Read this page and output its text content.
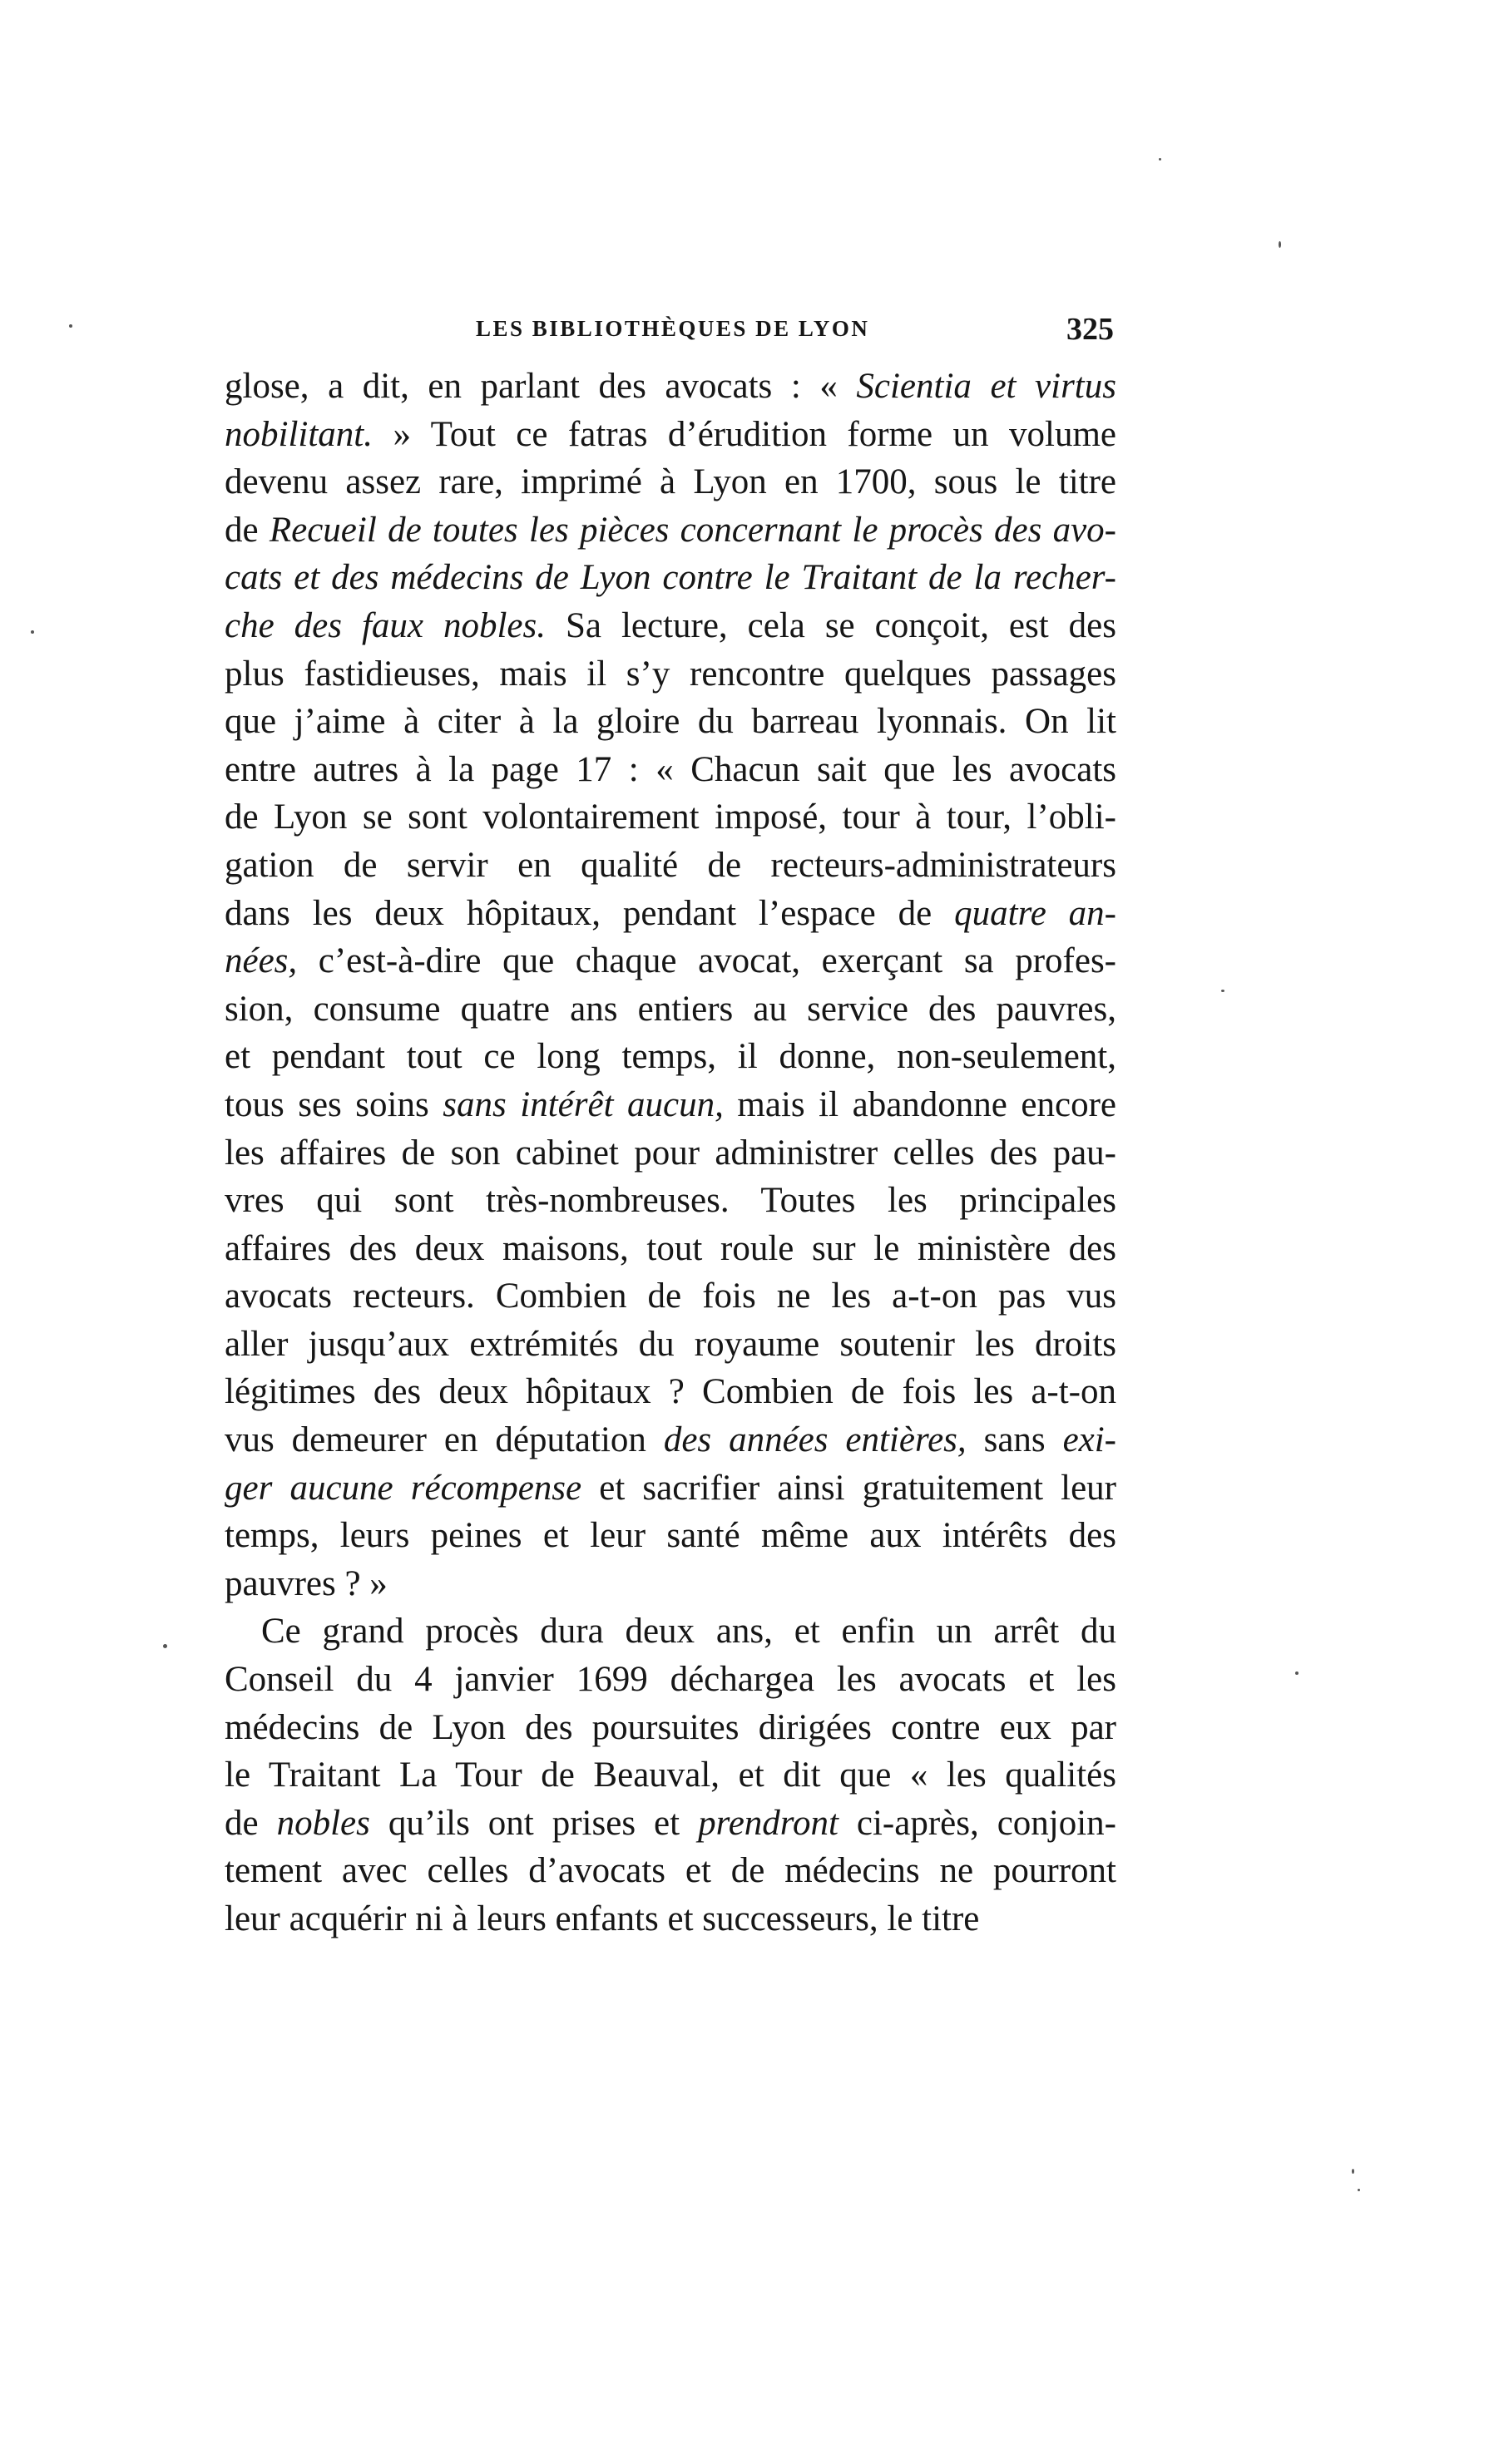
LES BIBLIOTHÈQUES DE LYON	325
glose, a dit, en parlant des avocats : « Scientia et virtus
nobilitant. » Tout ce fatras d’érudition forme un volume
devenu assez rare, imprimé à Lyon en 1700, sous le titre
de Recueil de toutes les pièces concernant le procès des avo-
cats et des médecins de Lyon contre le Traitant de la recher-
che des faux nobles. Sa lecture, cela se conçoit, est des
plus fastidieuses, mais il s’y rencontre quelques passages
que j’aime à citer à la gloire du barreau lyonnais. On lit
entre autres à la page 17 : « Chacun sait que les avocats
de Lyon se sont volontairement imposé, tour à tour, l’obli-
gation de servir en qualité de recteurs-administrateurs
dans les deux hôpitaux, pendant l’espace de quatre an-
nées, c’est-à-dire que chaque avocat, exerçant sa profes-
sion, consume quatre ans entiers au service des pauvres,
et pendant tout ce long temps, il donne, non-seulement,
tous ses soins sans intérêt aucun, mais il abandonne encore
les affaires de son cabinet pour administrer celles des pau-
vres qui sont très-nombreuses. Toutes les principales
affaires des deux maisons, tout roule sur le ministère des
avocats recteurs. Combien de fois ne les a-t-on pas vus
aller jusqu’aux extrémités du royaume soutenir les droits
légitimes des deux hôpitaux ? Combien de fois les a-t-on
vus demeurer en députation des années entières, sans exi-
ger aucune récompense et sacrifier ainsi gratuitement leur
temps, leurs peines et leur santé même aux intérêts des
pauvres ? »
Ce grand procès dura deux ans, et enfin un arrêt du
Conseil du 4 janvier 1699 déchargea les avocats et les
médecins de Lyon des poursuites dirigées contre eux par
le Traitant La Tour de Beauval, et dit que « les qualités
de nobles qu’ils ont prises et prendront ci-après, conjoin-
tement avec celles d’avocats et de médecins ne pourront
leur acquérir ni à leurs enfants et successeurs, le titre
